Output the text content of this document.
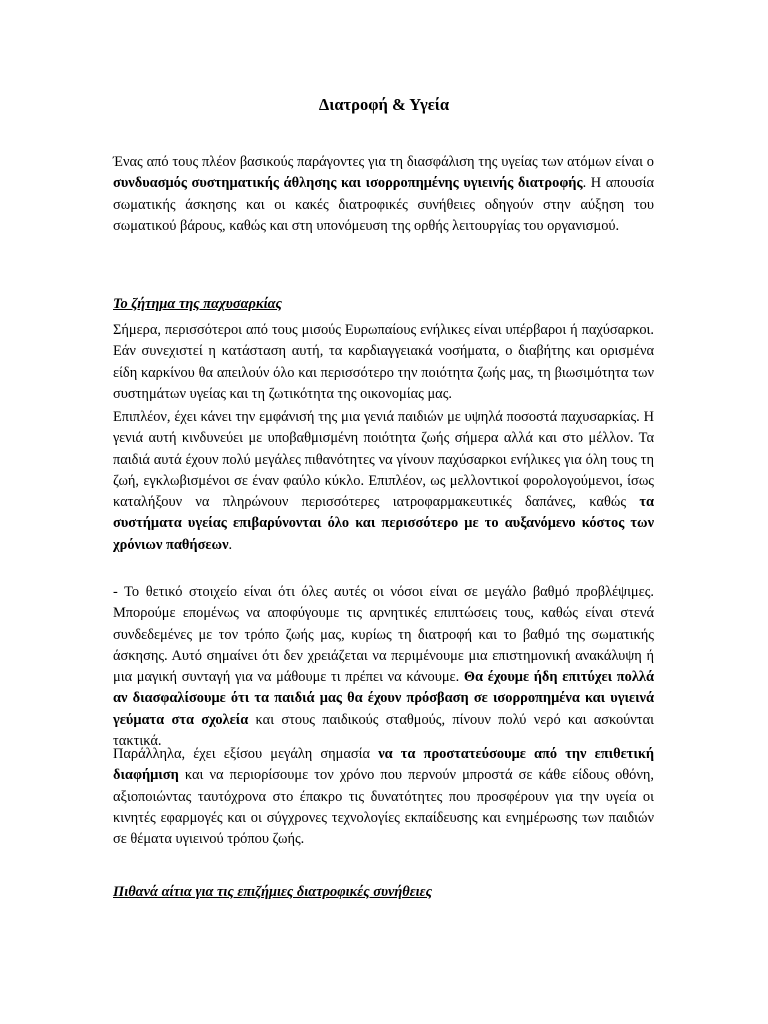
Διατροφή & Υγεία

Ένας από τους πλέον βασικούς παράγοντες για τη διασφάλιση της υγείας των ατόμων είναι ο συνδυασμός συστηματικής άθλησης και ισορροπημένης υγιεινής διατροφής. Η απουσία σωματικής άσκησης και οι κακές διατροφικές συνήθειες οδηγούν στην αύξηση του σωματικού βάρους, καθώς και στη υπονόμευση της ορθής λειτουργίας του οργανισμού.

Το ζήτημα της παχυσαρκίας

Σήμερα, περισσότεροι από τους μισούς Ευρωπαίους ενήλικες είναι υπέρβαροι ή παχύσαρκοι. Εάν συνεχιστεί η κατάσταση αυτή, τα καρδιαγγειακά νοσήματα, ο διαβήτης και ορισμένα είδη καρκίνου θα απειλούν όλο και περισσότερο την ποιότητα ζωής μας, τη βιωσιμότητα των συστημάτων υγείας και τη ζωτικότητα της οικονομίας μας.

Επιπλέον, έχει κάνει την εμφάνισή της μια γενιά παιδιών με υψηλά ποσοστά παχυσαρκίας. Η γενιά αυτή κινδυνεύει με υποβαθμισμένη ποιότητα ζωής σήμερα αλλά και στο μέλλον. Τα παιδιά αυτά έχουν πολύ μεγάλες πιθανότητες να γίνουν παχύσαρκοι ενήλικες για όλη τους τη ζωή, εγκλωβισμένοι σε έναν φαύλο κύκλο. Επιπλέον, ως μελλοντικοί φορολογούμενοι, ίσως καταλήξουν να πληρώνουν περισσότερες ιατροφαρμακευτικές δαπάνες, καθώς τα συστήματα υγείας επιβαρύνονται όλο και περισσότερο με το αυξανόμενο κόστος των χρόνιων παθήσεων.

- Το θετικό στοιχείο είναι ότι όλες αυτές οι νόσοι είναι σε μεγάλο βαθμό προβλέψιμες. Μπορούμε επομένως να αποφύγουμε τις αρνητικές επιπτώσεις τους, καθώς είναι στενά συνδεδεμένες με τον τρόπο ζωής μας, κυρίως τη διατροφή και το βαθμό της σωματικής άσκησης. Αυτό σημαίνει ότι δεν χρειάζεται να περιμένουμε μια επιστημονική ανακάλυψη ή μια μαγική συνταγή για να μάθουμε τι πρέπει να κάνουμε. Θα έχουμε ήδη επιτύχει πολλά αν διασφαλίσουμε ότι τα παιδιά μας θα έχουν πρόσβαση σε ισορροπημένα και υγιεινά γεύματα στα σχολεία και στους παιδικούς σταθμούς, πίνουν πολύ νερό και ασκούνται τακτικά.

Παράλληλα, έχει εξίσου μεγάλη σημασία να τα προστατεύσουμε από την επιθετική διαφήμιση και να περιορίσουμε τον χρόνο που περνούν μπροστά σε κάθε είδους οθόνη, αξιοποιώντας ταυτόχρονα στο έπακρο τις δυνατότητες που προσφέρουν για την υγεία οι κινητές εφαρμογές και οι σύγχρονες τεχνολογίες εκπαίδευσης και ενημέρωσης των παιδιών σε θέματα υγιεινού τρόπου ζωής.

Πιθανά αίτια για τις επιζήμιες διατροφικές συνήθειες
